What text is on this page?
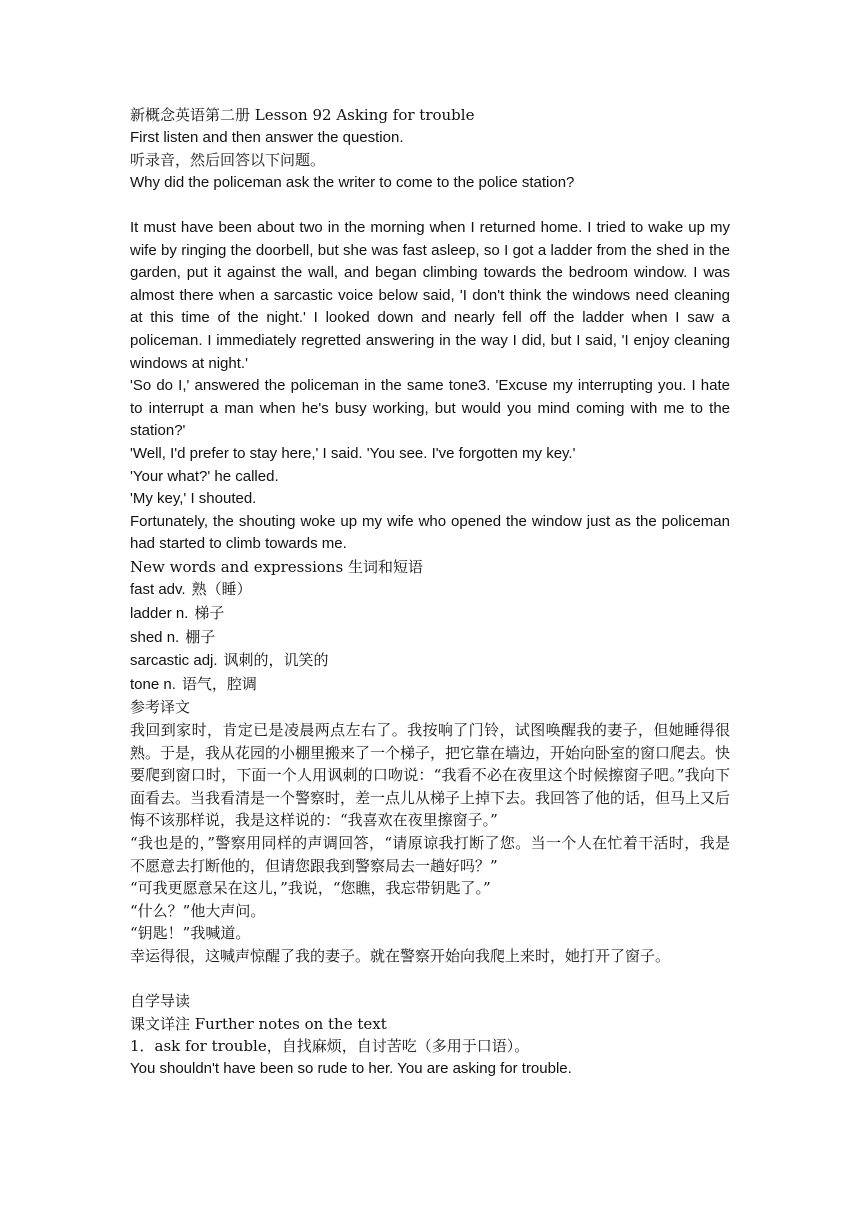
新概念英语第二册 Lesson 92 Asking for trouble
First listen and then answer the question.
听录音，然后回答以下问题。
Why did the policeman ask the writer to come to the police station?
It must have been about two in the morning when I returned home. I tried to wake up my wife by ringing the doorbell, but she was fast asleep, so I got a ladder from the shed in the garden, put it against the wall, and began climbing towards the bedroom window. I was almost there when a sarcastic voice below said, 'I don't think the windows need cleaning at this time of the night.' I looked down and nearly fell off the ladder when I saw a policeman. I immediately regretted answering in the way I did, but I said, 'I enjoy cleaning windows at night.'
'So do I,' answered the policeman in the same tone3. 'Excuse my interrupting you. I hate to interrupt a man when he's busy working, but would you mind coming with me to the station?'
'Well, I'd prefer to stay here,' I said. 'You see. I've forgotten my key.'
'Your what?' he called.
'My key,' I shouted.
Fortunately, the shouting woke up my wife who opened the window just as the policeman had started to climb towards me.
New words and expressions 生词和短语
fast adv. 熟（睡）
ladder n. 梯子
shed n. 棚子
sarcastic adj. 讽刺的，讥笑的
tone n. 语气，腔调
参考译文
我回到家时，肯定已是凌晨两点左右了。我按响了门铃，试图唤醒我的妻子，但她睡得很熟。于是，我从花园的小棚里搬来了一个梯子，把它靠在墙边，开始向卧室的窗口爬去。快要爬到窗口时，下面一个人用讽刺的口吻说：“我看不必在夜里这个时候擦窗子吧。”我向下面看去。当我看清是一个警察时，差一点儿从梯子上掉下去。我回答了他的话，但马上又后悔不该那样说，我是这样说的：“我喜欢在夜里擦窗子。”
“我也是的，”警察用同样的声调回答，“请原谅我打断了您。当一个人在忙着干活时，我是不愿意去打断他的，但请您跟我到警察局去一趟好吗？”
“可我更愿意呆在这儿，”我说，“您瞧，我忘带钥匙了。”
“什么？”他大声问。
“钥匙！”我喊道。
幸运得很，这喊声惊醒了我的妻子。就在警察开始向我爬上来时，她打开了窗子。
自学导读
课文详注 Further notes on the text
1．ask for trouble，自找麻烦，自讨苦吃（多用于口语）。
You shouldn't have been so rude to her. You are asking for trouble.
